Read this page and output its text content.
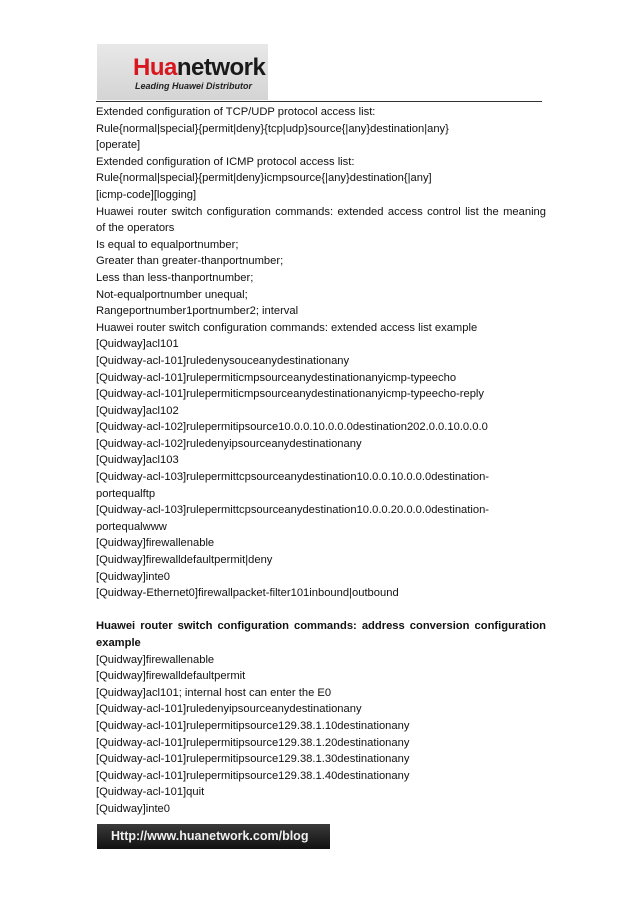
Huanetwork
Leading Huawei Distributor
Extended configuration of TCP/UDP protocol access list:
Rule{normal|special}{permit|deny}{tcp|udp}source{|any}destination|any}
[operate]
Extended configuration of ICMP protocol access list:
Rule{normal|special}{permit|deny}icmpsource{|any}destination{|any]
[icmp-code][logging]
Huawei router switch configuration commands: extended access control list the meaning
of the operators
Is equal to equalportnumber;
Greater than greater-thanportnumber;
Less than less-thanportnumber;
Not-equalportnumber unequal;
Rangeportnumber1portnumber2; interval
Huawei router switch configuration commands: extended access list example
[Quidway]acl101
[Quidway-acl-101]ruledenysouceanydestinationany
[Quidway-acl-101]rulepermiticmpsourceanydestinationanyicmp-typeecho
[Quidway-acl-101]rulepermiticmpsourceanydestinationanyicmp-typeecho-reply
[Quidway]acl102
[Quidway-acl-102]rulepermitipsource10.0.0.10.0.0.0destination202.0.0.10.0.0.0
[Quidway-acl-102]ruledenyipsourceanydestinationany
[Quidway]acl103
[Quidway-acl-103]rulepermittcpsourceanydestination10.0.0.10.0.0.0destination-
portequalftp
[Quidway-acl-103]rulepermittcpsourceanydestination10.0.0.20.0.0.0destination-
portequalwww
[Quidway]firewallenable
[Quidway]firewalldefaultpermit|deny
[Quidway]inte0
[Quidway-Ethernet0]firewallpacket-filter101inbound|outbound
Huawei router switch configuration commands: address conversion configuration
example
[Quidway]firewallenable
[Quidway]firewalldefaultpermit
[Quidway]acl101; internal host can enter the E0
[Quidway-acl-101]ruledenyipsourceanydestinationany
[Quidway-acl-101]rulepermitipsource129.38.1.10destinationany
[Quidway-acl-101]rulepermitipsource129.38.1.20destinationany
[Quidway-acl-101]rulepermitipsource129.38.1.30destinationany
[Quidway-acl-101]rulepermitipsource129.38.1.40destinationany
[Quidway-acl-101]quit
[Quidway]inte0
Http://www.huanetwork.com/blog
